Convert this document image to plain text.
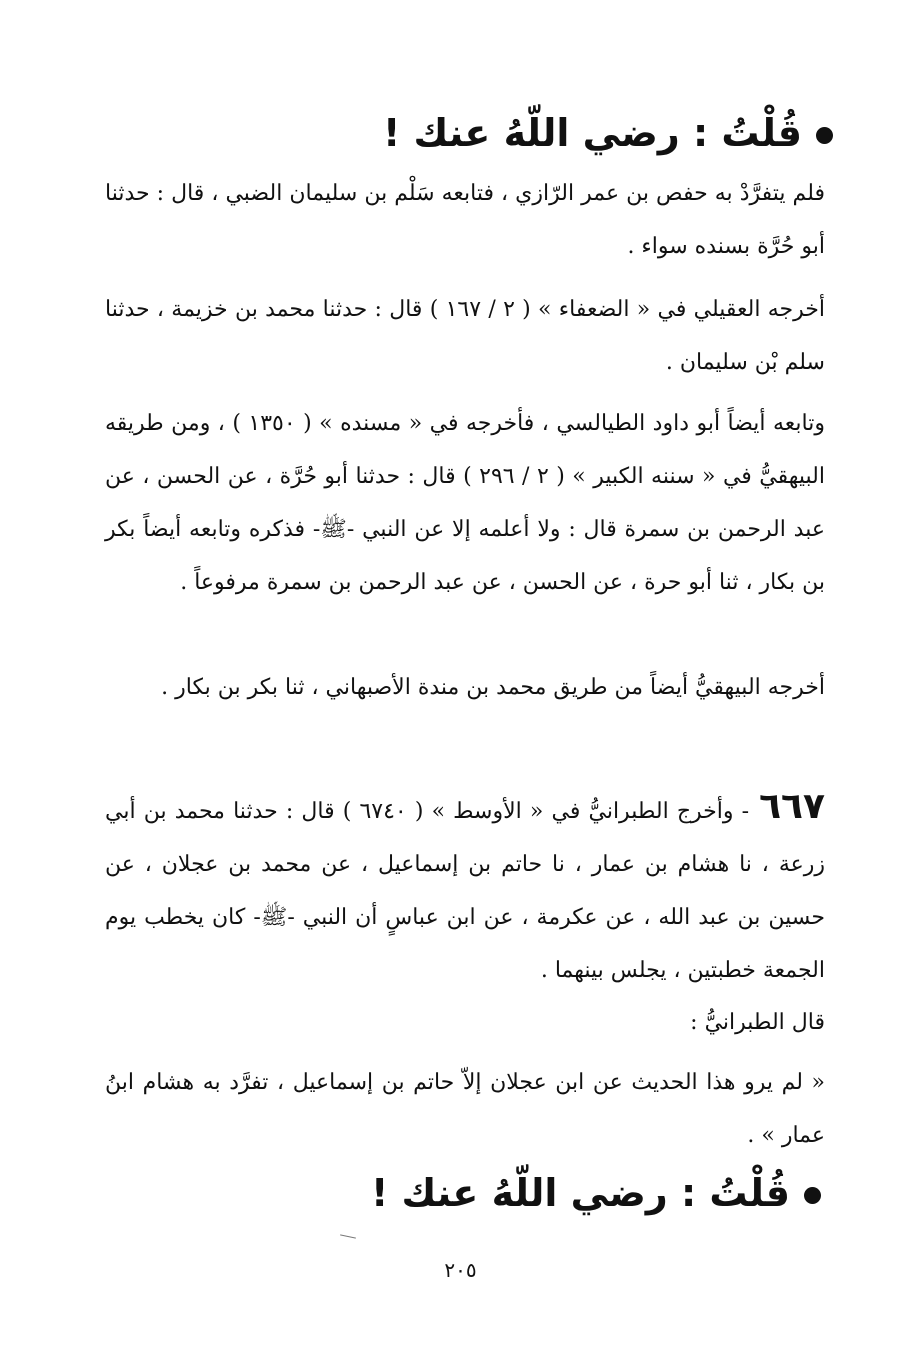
قُلْتُ : رضي اللّهُ عنك !
فلم يتفرَّدْ به حفص بن عمر الرّازي ، فتابعه سَلْم بن سليمان الضبي ، قال : حدثنا أبو حُرَّة بسنده سواء .
أخرجه العقيلي في « الضعفاء » ( ٢ / ١٦٧ ) قال : حدثنا محمد بن خزيمة ، حدثنا سلم بْن سليمان .
وتابعه أيضاً أبو داود الطيالسي ، فأخرجه في « مسنده » ( ١٣٥٠ ) ، ومن طريقه البيهقيُّ في « سننه الكبير » ( ٢ / ٢٩٦ ) قال : حدثنا أبو حُرَّة ، عن الحسن ، عن عبد الرحمن بن سمرة قال : ولا أعلمه إلا عن النبي -ﷺ- فذكره وتابعه أيضاً بكر بن بكار ، ثنا أبو حرة ، عن الحسن ، عن عبد الرحمن بن سمرة مرفوعاً .
أخرجه البيهقيُّ أيضاً من طريق محمد بن مندة الأصبهاني ، ثنا بكر بن بكار .
٦٦٧- وأخرج الطبرانيُّ في « الأوسط » ( ٦٧٤٠ ) قال : حدثنا محمد بن أبي زرعة ، نا هشام بن عمار ، نا حاتم بن إسماعيل ، عن محمد بن عجلان ، عن حسين بن عبد الله ، عن عكرمة ، عن ابن عباسٍ أن النبي -ﷺ- كان يخطب يوم الجمعة خطبتين ، يجلس بينهما .
قال الطبرانيُّ :
« لم يرو هذا الحديث عن ابن عجلان إلاّ حاتم بن إسماعيل ، تفرَّد به هشام ابنُ عمار » .
قُلْتُ : رضي اللّهُ عنك !
٢٠٥
